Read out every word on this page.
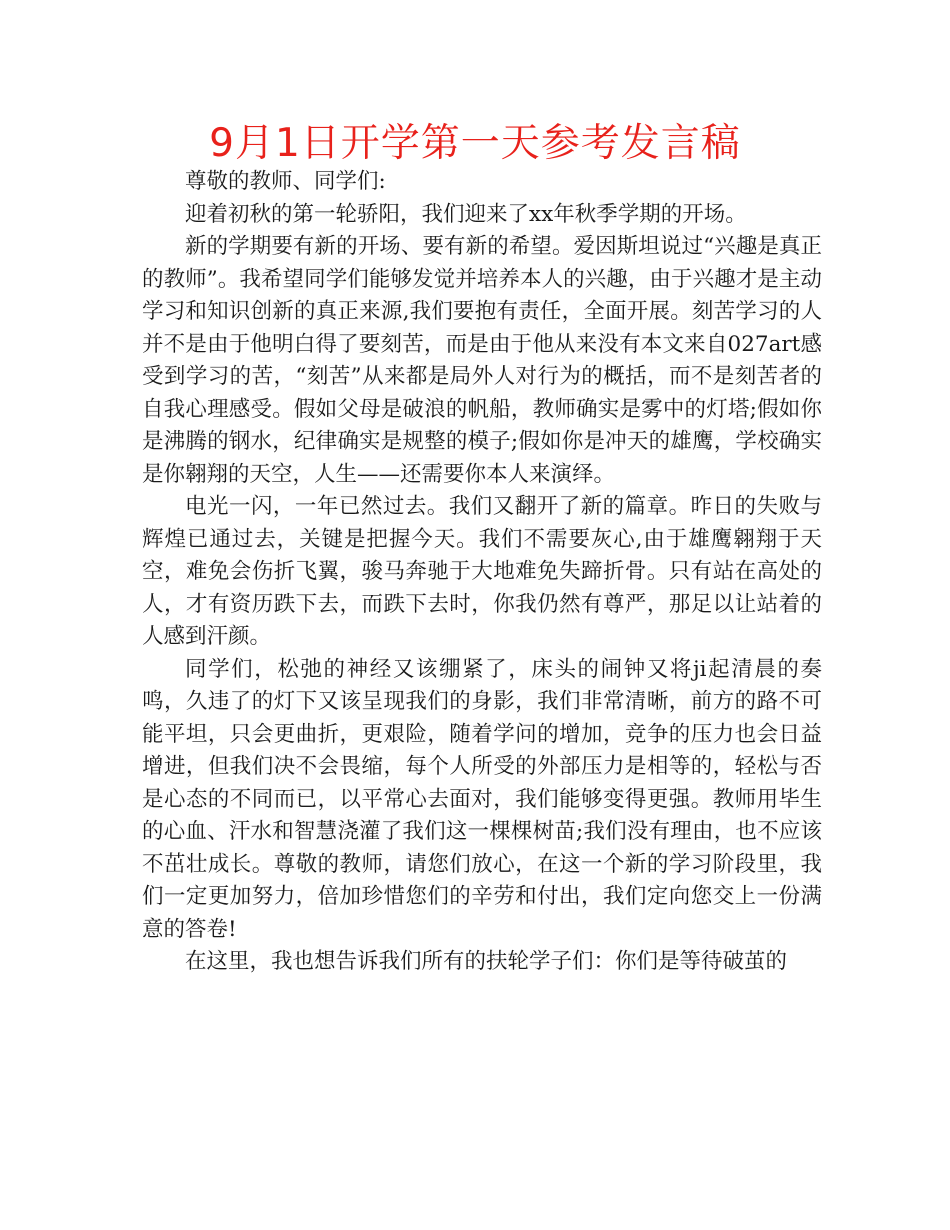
9月1日开学第一天参考发言稿

尊敬的教师、同学们:

迎着初秋的第一轮骄阳，我们迎来了xx年秋季学期的开场。

新的学期要有新的开场、要有新的希望。爱因斯坦说过“兴趣是真正的教师”。我希望同学们能够发觉并培养本人的兴趣，由于兴趣才是主动学习和知识创新的真正来源,我们要抱有责任，全面开展。刻苦学习的人并不是由于他明白得了要刻苦，而是由于他从来没有本文来自027art感受到学习的苦，“刻苦”从来都是局外人对行为的概括，而不是刻苦者的自我心理感受。假如父母是破浪的帆船，教师确实是雾中的灯塔;假如你是沸腾的钢水，纪律确实是规整的模子;假如你是冲天的雄鹰，学校确实是你翱翔的天空，人生——还需要你本人来演绎。

电光一闪，一年已然过去。我们又翻开了新的篇章。昨日的失败与辉煌已通过去，关键是把握今天。我们不需要灰心,由于雄鹰翱翔于天空，难免会伤折飞翼，骏马奔驰于大地难免失蹄折骨。只有站在高处的人，才有资历跌下去，而跌下去时，你我仍然有尊严，那足以让站着的人感到汗颜。

同学们，松弛的神经又该绷紧了，床头的闹钟又将ji起清晨的奏鸣，久违了的灯下又该呈现我们的身影，我们非常清晰，前方的路不可能平坦，只会更曲折，更艰险，随着学问的增加，竞争的压力也会日益增进，但我们决不会畏缩，每个人所受的外部压力是相等的，轻松与否是心态的不同而已，以平常心去面对，我们能够变得更强。教师用毕生的心血、汗水和智慧浇灌了我们这一棵棵树苗;我们没有理由，也不应该不茁壮成长。尊敬的教师，请您们放心，在这一个新的学习阶段里，我们一定更加努力，倍加珍惜您们的辛劳和付出，我们定向您交上一份满意的答卷!

在这里，我也想告诉我们所有的扶轮学子们：你们是等待破茧的
